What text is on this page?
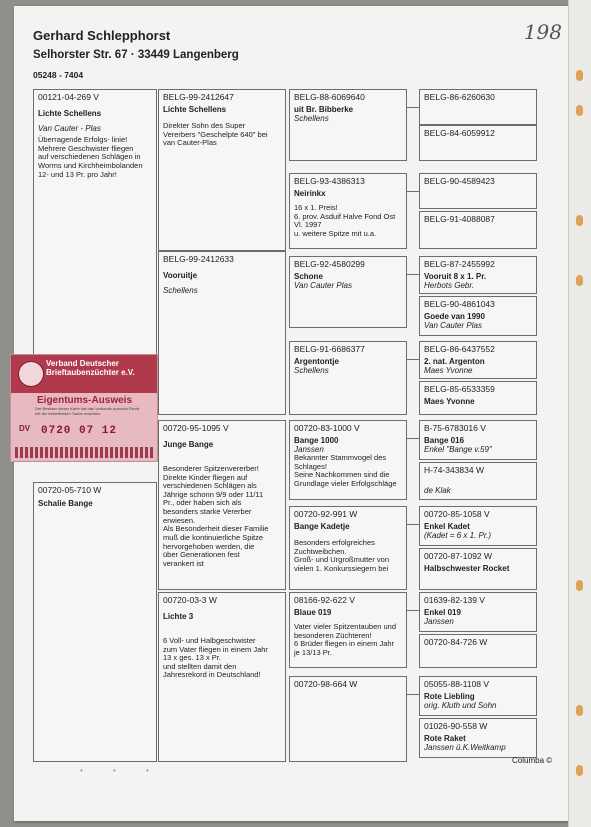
Gerhard Schlepphorst
Selhorster Str. 67 · 33449 Langenberg
05248 - 7404
198
00121-04-269 V
Lichte Schellens
Van Cauter - Plas
Überragende Erfolgs- linie!
Mehrere Geschwister fliegen
auf verschiedenen Schlägen in
Worms und Kirchheimbolanden
12- und 13 Pr. pro Jahr!
00720-05-710 W
Schalie Bange
BELG-99-2412647
Lichte Schellens
Direkter Sohn des Super
Vererbers "Geschelpte 640" bei
van Cauter-Plas
BELG-99-2412633
Vooruitje
Schellens
00720-95-1095 V
Junge Bange
Besonderer Spitzenvererber!
Direkte Kinder fliegen auf
verschiedenen Schlägen als
Jährige schonn 9/9 oder 11/11
Pr., oder haben sich als
besonders starke Vererber
erwiesen.
Als Besonderheit dieser Familie
muß die kontinuierliche Spitze
hervorgehoben werden, die
über Generationen fest
verankert ist
00720-03-3 W
Lichte 3
6 Voll- und Halbgeschwister
zum Vater fliegen in einem Jahr
13 x ges. 13 x Pr.
und stellten damit den
Jahresrekord in Deutschland!
BELG-88-6069640
uit Br. Bibberke
Schellens
BELG-93-4386313
Neirinkx
16 x 1. Preis!
6. prov. Asduif Halve Fond Ost
Vl. 1997
u. weitere Spitze mit u.a.
BELG-92-4580299
Schone
Van Cauter Plas
BELG-91-6686377
Argentontje
Schellens
00720-83-1000 V
Bange 1000
Janssen
Bekannter Stammvogel des
Schlages!
Seine Nachkommen sind die
Grundlage vieler Erfolgschläge
00720-92-991 W
Bange Kadetje
Besonders erfolgreiches
Zuchtweibchen.
Groß- und Urgroßmutter von
vielen 1. Konkurssiegern bei
08166-92-622 V
Blaue 019
Vater vieler Spitzentauben und
besonderen Züchteren!
6 Brüder fliegen in einem Jahr
je 13/13 Pr.
00720-98-664 W
BELG-86-6260630
BELG-84-6059912
BELG-90-4589423
BELG-91-4088087
BELG-87-2455992
Vooruit 8 x 1. Pr.
Herbots Gebr.
BELG-90-4861043
Goede van 1990
Van Cauter Plas
BELG-86-6437552
2. nat. Argenton
Maes Yvonne
BELG-85-6533359
Maes Yvonne
B-75-6783016 V
Bange 016
Enkel "Bange v.59"
H-74-343834 W
de Klak
00720-85-1058 V
Enkel Kadet
(Kadet = 6 x 1. Pr.)
00720-87-1092 W
Halbschwester Rocket
01639-82-139 V
Enkel 019
Janssen
00720-84-726 W
05055-88-1108 V
Rote Liebling
orig. Kluth und Sohn
01026-90-558 W
Rote Raket
Janssen ü.K.Weitkamp
Columba ©
• • •
Verband Deutscher
Brieftaubenzüchter e.V.
Eigentums-Ausweis
Der Besitzer dieser Karte hat das Verbands-ausweis Recht mit der betreffenden Taube erworben
DV 0720 07 12
